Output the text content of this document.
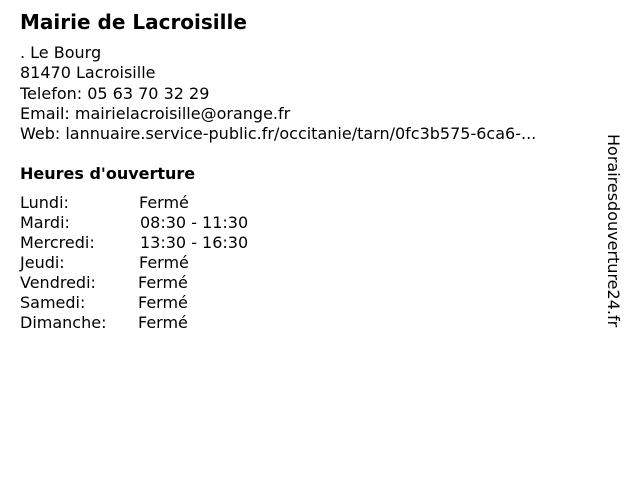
Mairie de Lacroisille
. Le Bourg
81470 Lacroisille
Telefon: 05 63 70 32 29
Email: mairielacroisille@orange.fr
Web: lannuaire.service-public.fr/occitanie/tarn/0fc3b575-6ca6-...
Heures d'ouverture
Lundi:	Fermé
Mardi:	08:30 - 11:30
Mercredi:	13:30 - 16:30
Jeudi:	Fermé
Vendredi:	Fermé
Samedi:	Fermé
Dimanche: Fermé	Horairesdouverture24.fr
